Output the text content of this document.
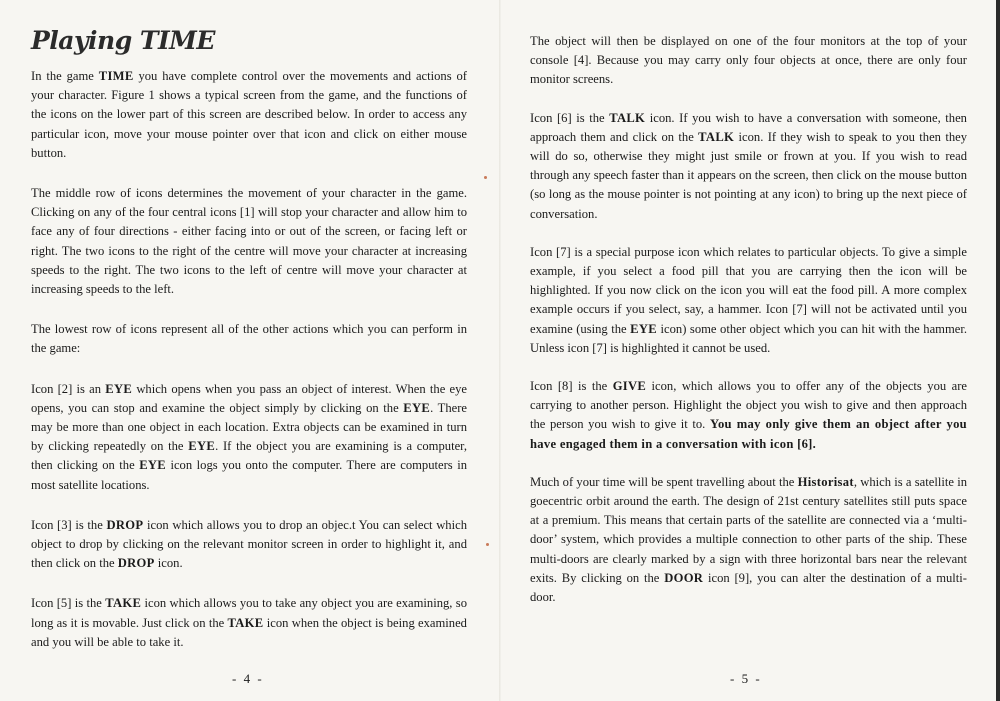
Playing TIME

In the game TIME you have complete control over the movements and actions of your character. Figure 1 shows a typical screen from the game, and the functions of the icons on the lower part of this screen are described below. In order to access any particular icon, move your mouse pointer over that icon and click on either mouse button.

The middle row of icons determines the movement of your character in the game. Clicking on any of the four central icons [1] will stop your character and allow him to face any of four directions - either facing into or out of the screen, or facing left or right. The two icons to the right of the centre will move your character at increasing speeds to the right. The two icons to the left of centre will move your character at increasing speeds to the left.

The lowest row of icons represent all of the other actions which you can perform in the game:

Icon [2] is an EYE which opens when you pass an object of interest. When the eye opens, you can stop and examine the object simply by clicking on the EYE. There may be more than one object in each location. Extra objects can be examined in turn by clicking repeatedly on the EYE. If the object you are examining is a computer, then clicking on the EYE icon logs you onto the computer. There are computers in most satellite locations.

Icon [3] is the DROP icon which allows you to drop an objec.t You can select which object to drop by clicking on the relevant monitor screen in order to highlight it, and then click on the DROP icon.

Icon [5] is the TAKE icon which allows you to take any object you are examining, so long as it is movable. Just click on the TAKE icon when the object is being examined and you will be able to take it.

- 4 -

The object will then be displayed on one of the four monitors at the top of your console [4]. Because you may carry only four objects at once, there are only four monitor screens.

Icon [6] is the TALK icon. If you wish to have a conversation with someone, then approach them and click on the TALK icon. If they wish to speak to you then they will do so, otherwise they might just smile or frown at you. If you wish to read through any speech faster than it appears on the screen, then click on the mouse button (so long as the mouse pointer is not pointing at any icon) to bring up the next piece of conversation.

Icon [7] is a special purpose icon which relates to particular objects. To give a simple example, if you select a food pill that you are carrying then the icon will be highlighted. If you now click on the icon you will eat the food pill. A more complex example occurs if you select, say, a hammer. Icon [7] will not be activated until you examine (using the EYE icon) some other object which you can hit with the hammer. Unless icon [7] is highlighted it cannot be used.

Icon [8] is the GIVE icon, which allows you to offer any of the objects you are carrying to another person. Highlight the object you wish to give and then approach the person you wish to give it to. You may only give them an object after you have engaged them in a conversation with icon [6].

Much of your time will be spent travelling about the Historisat, which is a satellite in goecentric orbit around the earth. The design of 21st century satellites still puts space at a premium. This means that certain parts of the satellite are connected via a ‘multi-door’ system, which provides a multiple connection to other parts of the ship. These multi-doors are clearly marked by a sign with three horizontal bars near the relevant exits. By clicking on the DOOR icon [9], you can alter the destination of a multi-door.

- 5 -
